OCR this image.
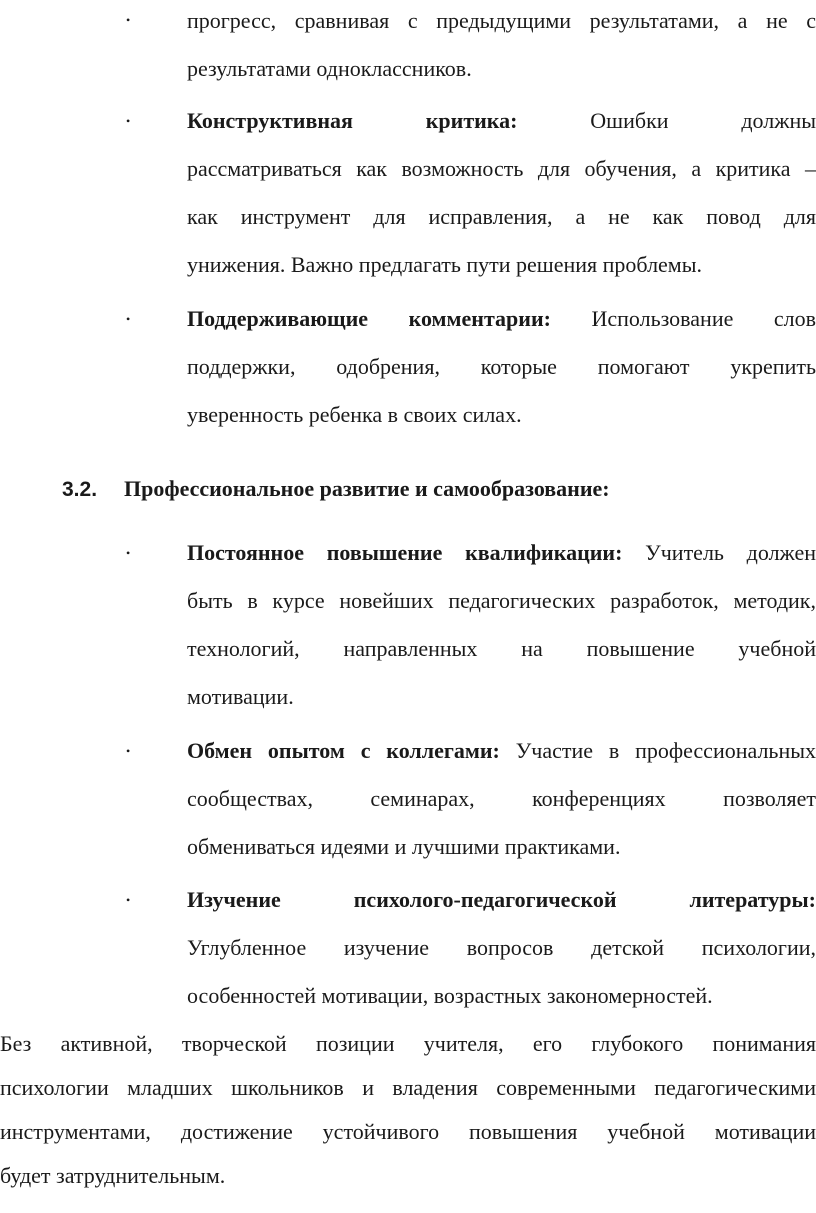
•	прогресс, сравнивая с предыдущими результатами, а не с
результатами одноклассников.
•	Конструктивная критика:	Ошибки должны
рассматриваться как возможность для обучения, а критика –
как инструмент для исправления, а не как повод для
унижения. Важно предлагать пути решения проблемы.
•	Поддерживающие комментарии: Использование слов
поддержки, одобрения, которые помогают укрепить
уверенность ребенка в своих силах.
3.2. Профессиональное развитие и самообразование:
•	Постоянное повышение квалификации: Учитель должен
быть в курсе новейших педагогических разработок, методик,
технологий, направленных на повышение учебной
мотивации.
•	Обмен опытом с коллегами: Участие в профессиональных
сообществах, семинарах, конференциях позволяет
обмениваться идеями и лучшими практиками.
•	Изучение психолого-педагогической литературы:
Углубленное изучение вопросов детской психологии,
особенностей мотивации, возрастных закономерностей.
Без активной, творческой позиции учителя, его глубокого понимания
психологии младших школьников и владения современными педагогическими
инструментами, достижение устойчивого повышения учебной мотивации
будет затруднительным.
